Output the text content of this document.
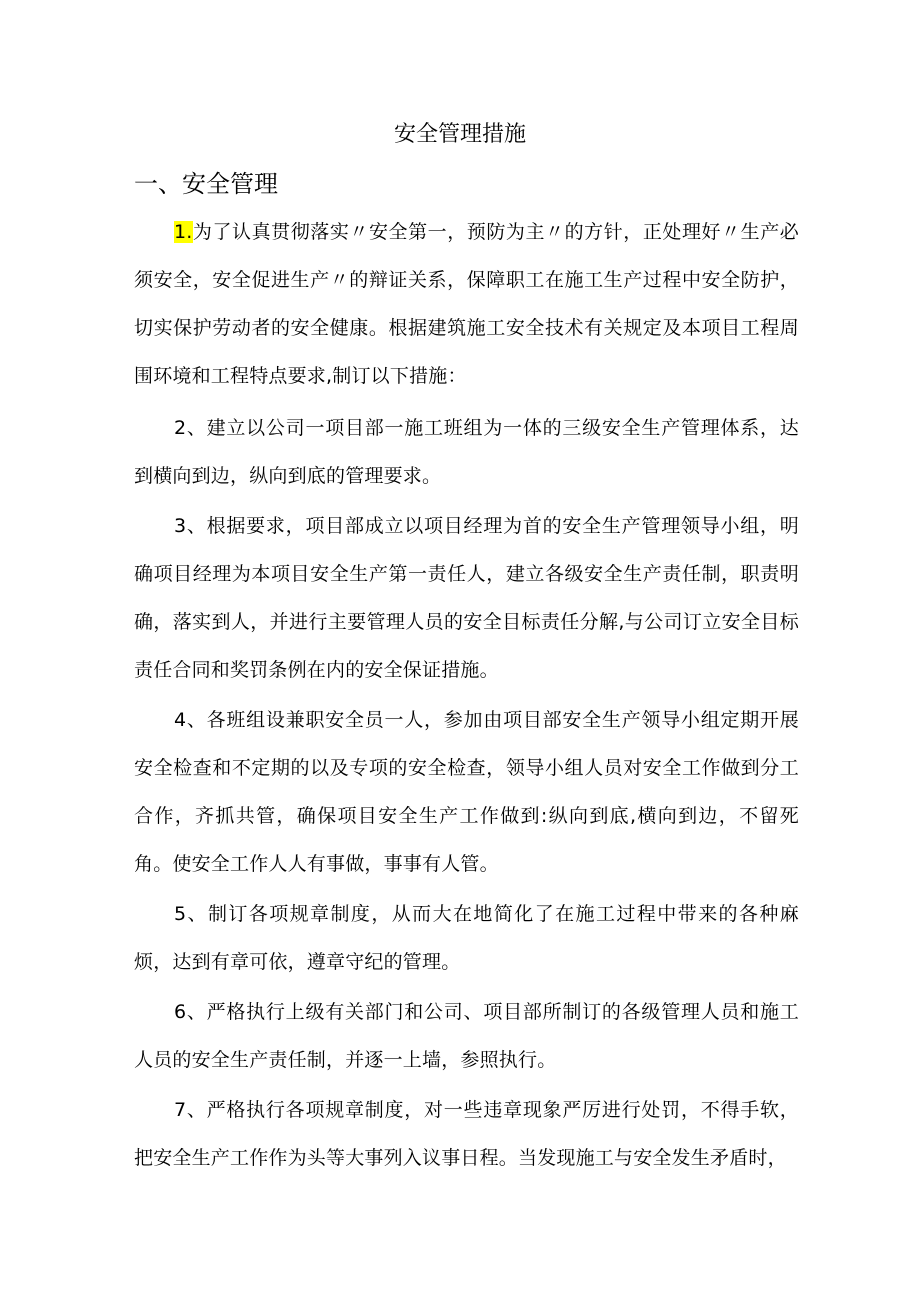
安全管理措施
一、安全管理

1.为了认真贯彻落实〃安全第一，预防为主〃的方针，正处理好〃生产必须安全，安全促进生产〃的辩证关系，保障职工在施工生产过程中安全防护，切实保护劳动者的安全健康。根据建筑施工安全技术有关规定及本项目工程周围环境和工程特点要求,制订以下措施：

2、建立以公司一项目部一施工班组为一体的三级安全生产管理体系，达到横向到边，纵向到底的管理要求。

3、根据要求，项目部成立以项目经理为首的安全生产管理领导小组，明确项目经理为本项目安全生产第一责任人，建立各级安全生产责任制，职责明确，落实到人，并进行主要管理人员的安全目标责任分解,与公司订立安全目标责任合同和奖罚条例在内的安全保证措施。

4、各班组设兼职安全员一人，参加由项目部安全生产领导小组定期开展安全检查和不定期的以及专项的安全检查，领导小组人员对安全工作做到分工合作，齐抓共管，确保项目安全生产工作做到:纵向到底,横向到边，不留死角。使安全工作人人有事做，事事有人管。

5、制订各项规章制度，从而大在地简化了在施工过程中带来的各种麻烦，达到有章可依，遵章守纪的管理。

6、严格执行上级有关部门和公司、项目部所制订的各级管理人员和施工人员的安全生产责任制，并逐一上墙，参照执行。

7、严格执行各项规章制度，对一些违章现象严厉进行处罚，不得手软，把安全生产工作作为头等大事列入议事日程。当发现施工与安全发生矛盾时，
